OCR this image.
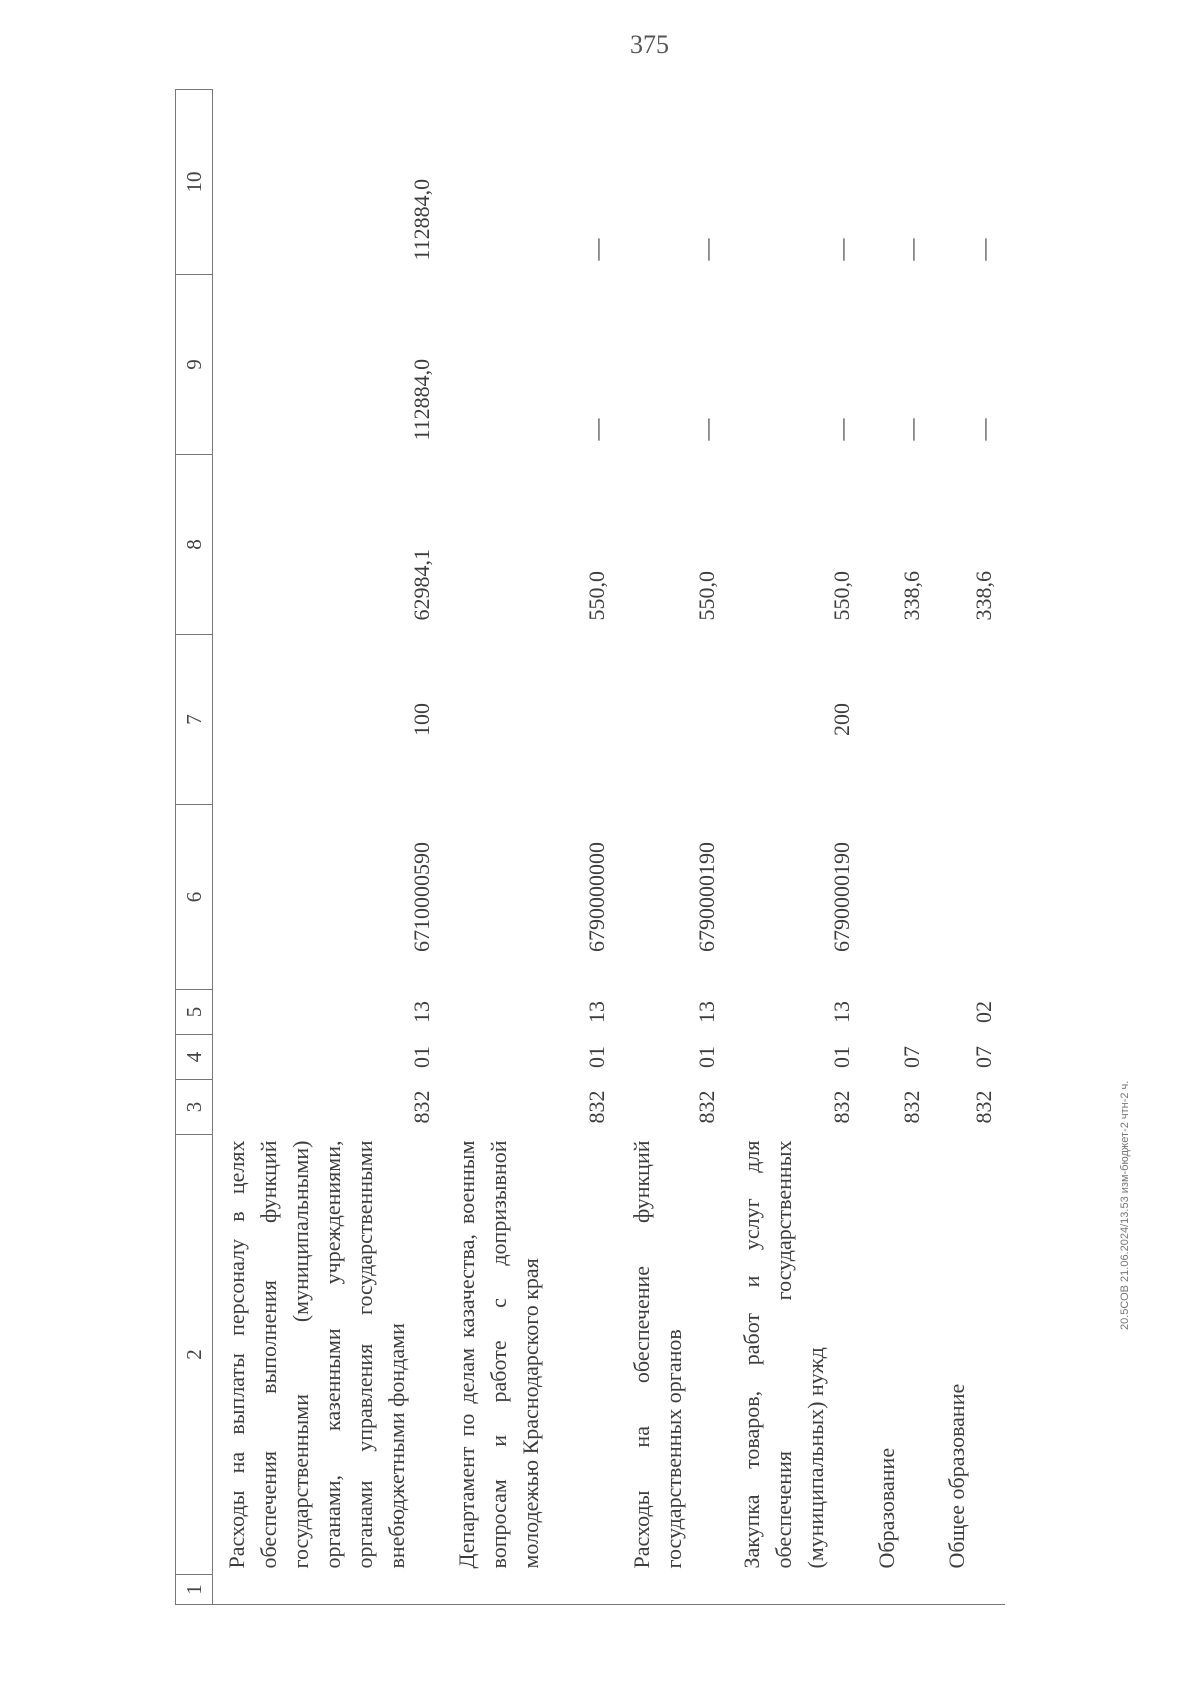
375
20.5СОВ 21.06.2024/13.53 изм-бюджет-2 чтн-2 ч.
1	2	3	4	5	6	7	8	9	10
	Расходы на выплаты персоналу в целях обеспечения выполнения функций государственными (муниципальными) органами, казенными учреждениями, органами управления государственными внебюджетными фондами	832	01	13	6710000590	100	62984,1	112884,0	112884,0
	Департамент по делам казачества, военным вопросам и работе с допризывной молодежью Краснодарского края	832	01	13	6790000000		550,0	—	—
	Расходы на обеспечение функций государственных органов	832	01	13	6790000190		550,0	—	—
	Закупка товаров, работ и услуг для обеспечения государственных (муниципальных) нужд	832	01	13	6790000190	200	550,0	—	—
	Образование	832	07				338,6	—	—
	Общее образование	832	07	02			338,6	—	—
